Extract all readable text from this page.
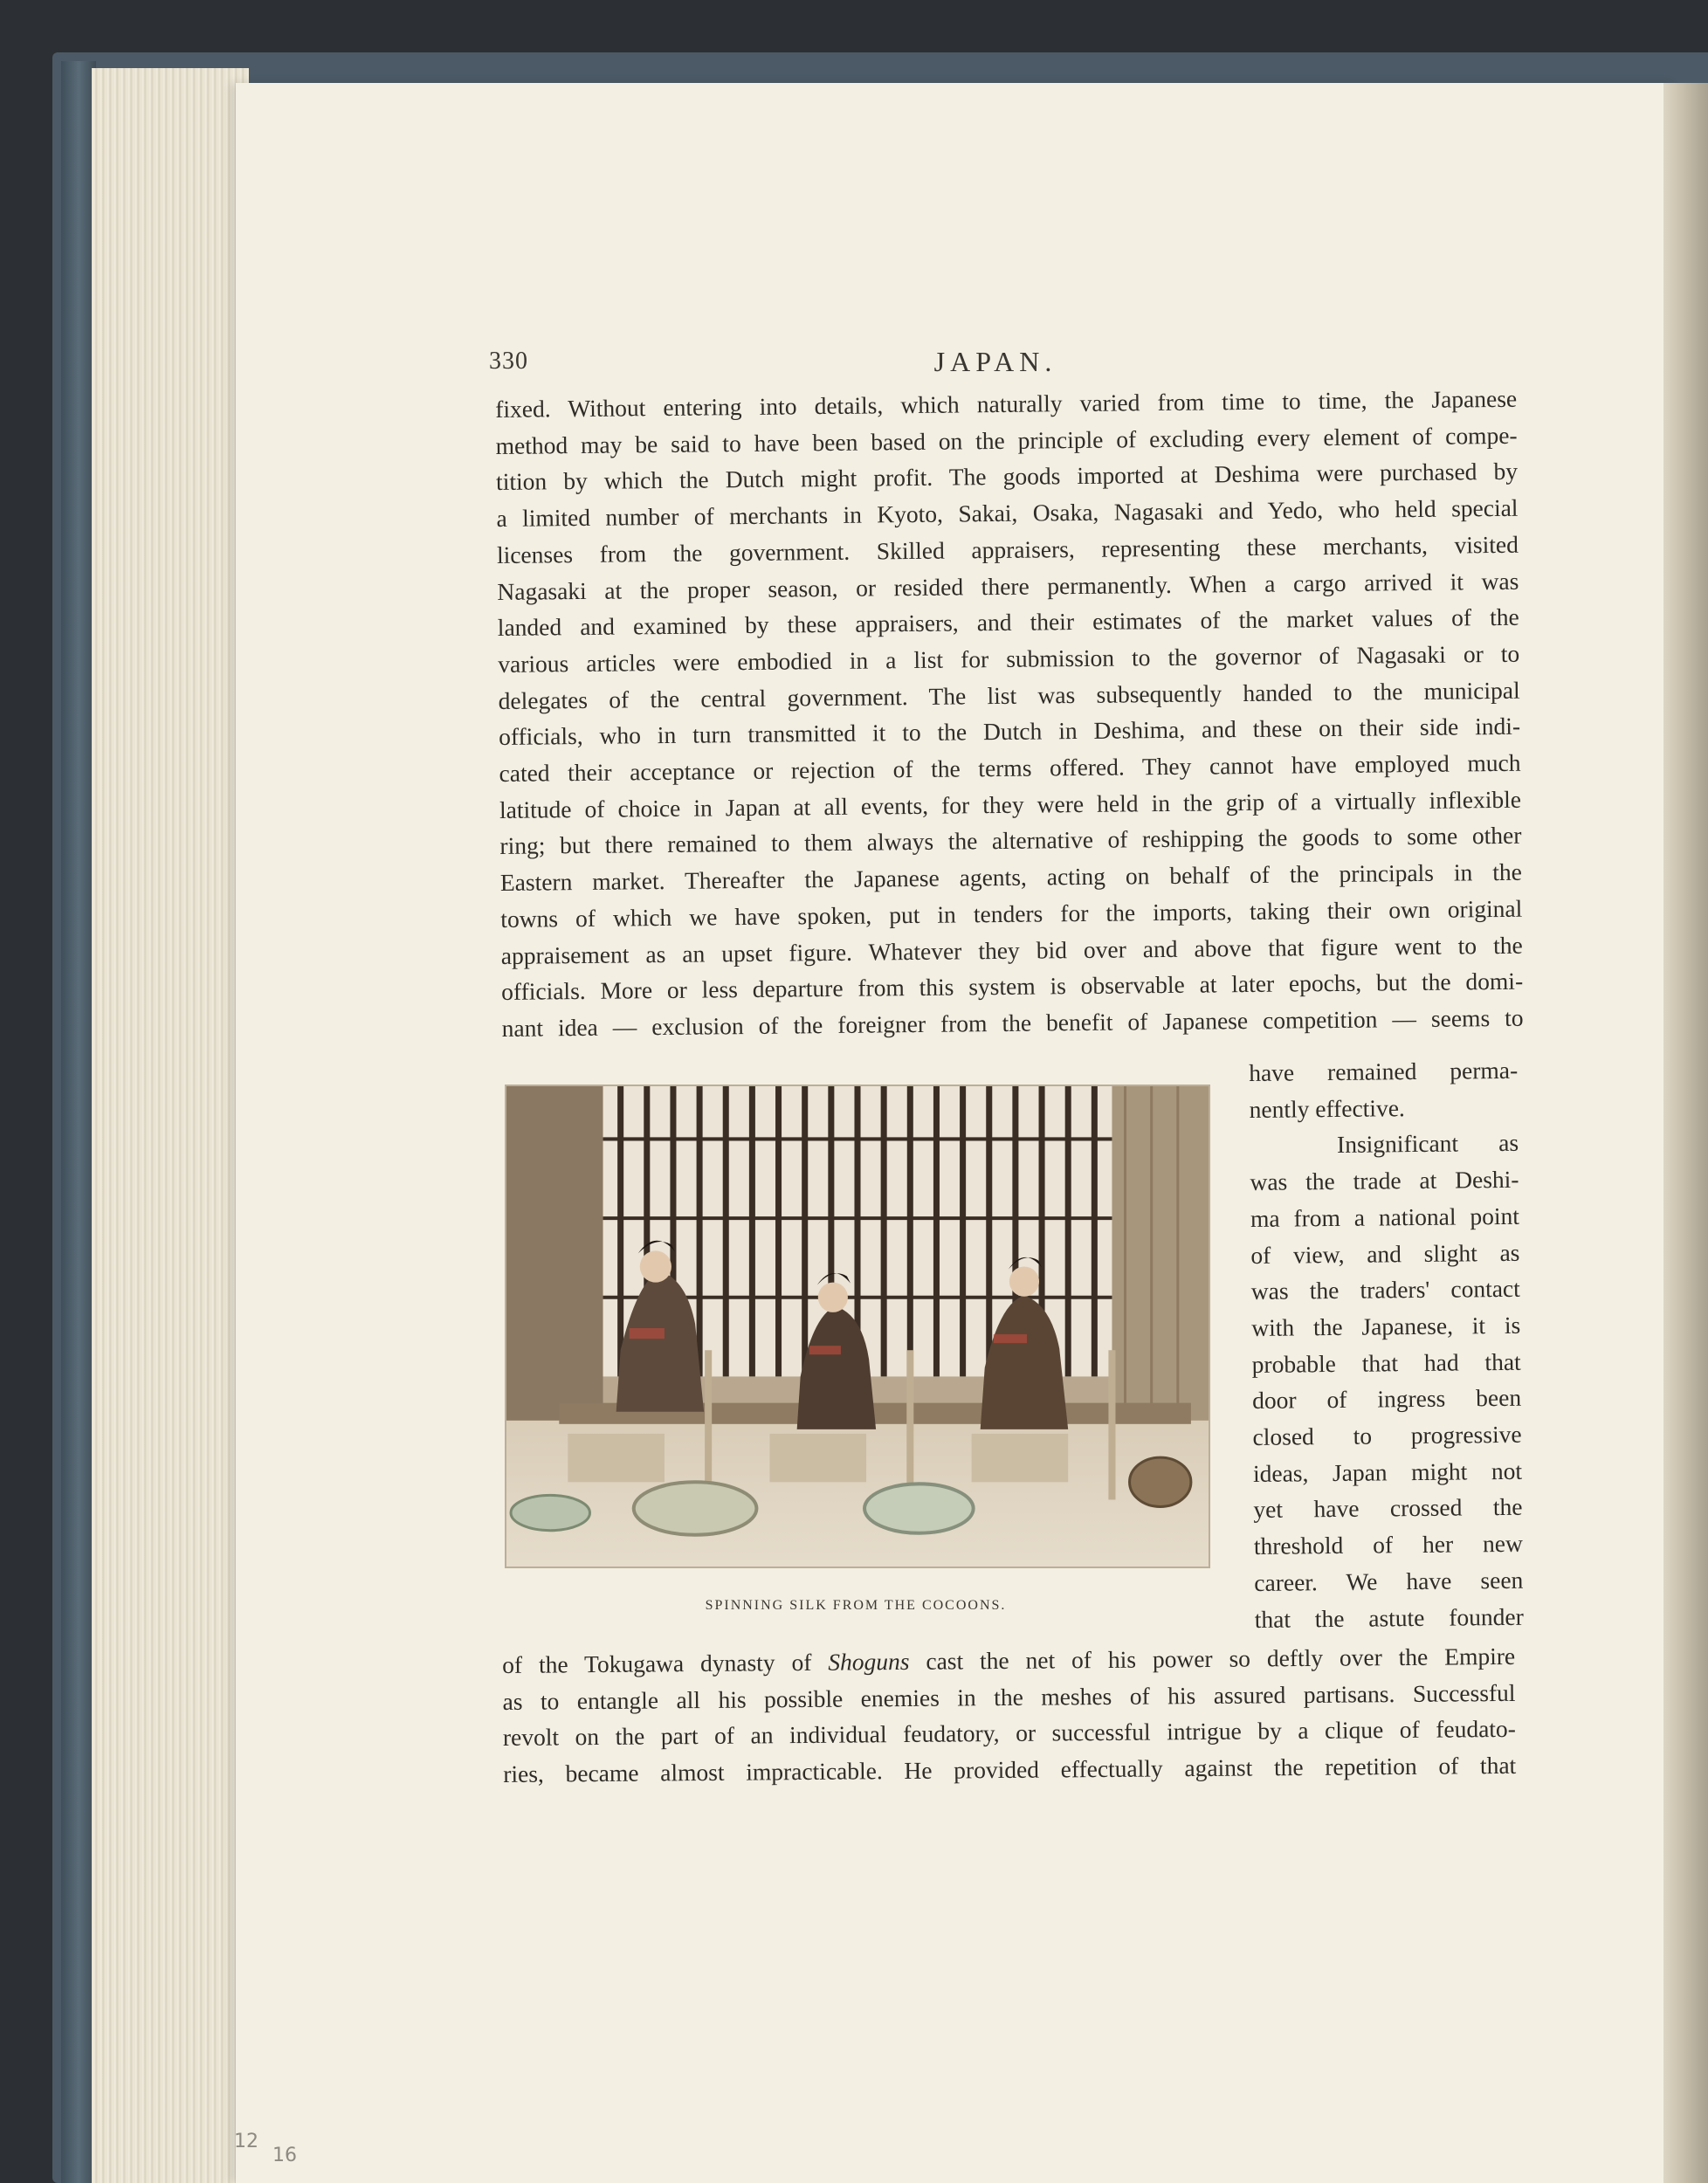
330	JAPAN.
fixed. Without entering into details, which naturally varied from time to time, the Japanese
method may be said to have been based on the principle of excluding every element of compe-
tition by which the Dutch might profit. The goods imported at Deshima were purchased by
a limited number of merchants in Kyoto, Sakai, Osaka, Nagasaki and Yedo, who held special
licenses from the government. Skilled appraisers, representing these merchants, visited
Nagasaki at the proper season, or resided there permanently. When a cargo arrived it was
landed and examined by these appraisers, and their estimates of the market values of the
various articles were embodied in a list for submission to the governor of Nagasaki or to
delegates of the central government. The list was subsequently handed to the municipal
officials, who in turn transmitted it to the Dutch in Deshima, and these on their side indi-
cated their acceptance or rejection of the terms offered. They cannot have employed much
latitude of choice in Japan at all events, for they were held in the grip of a virtually inflexible
ring; but there remained to them always the alternative of reshipping the goods to some other
Eastern market. Thereafter the Japanese agents, acting on behalf of the principals in the
towns of which we have spoken, put in tenders for the imports, taking their own original
appraisement as an upset figure. Whatever they bid over and above that figure went to the
officials. More or less departure from this system is observable at later epochs, but the domi-
nant idea — exclusion of the foreigner from the benefit of Japanese competition — seems to
SPINNING SILK FROM THE COCOONS.
have remained perma-
nently effective.
Insignificant as
was the trade at Deshi-
ma from a national point
of view, and slight as
was the traders' contact
with the Japanese, it is
probable that had that
door of ingress been
closed to progressive
ideas, Japan might not
yet have crossed the
threshold of her new
career. We have seen
that the astute founder
of the Tokugawa dynasty of Shoguns cast the net of his power so deftly over the Empire
as to entangle all his possible enemies in the meshes of his assured partisans. Successful
revolt on the part of an individual feudatory, or successful intrigue by a clique of feudato-
ries, became almost impracticable. He provided effectually against the repetition of that
12
16
